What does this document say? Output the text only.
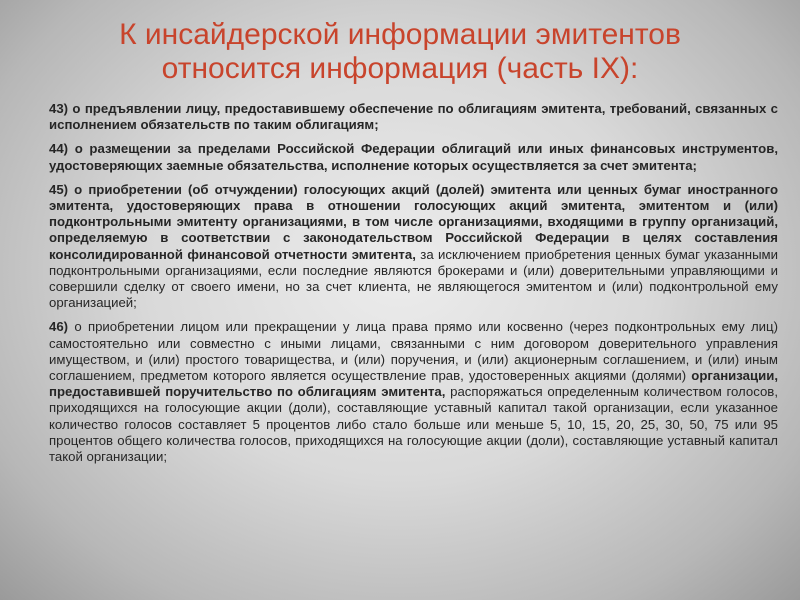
К инсайдерской информации эмитентов
относится информация (часть IX):

43) о предъявлении лицу, предоставившему обеспечение по облигациям эмитента, требований, связанных с исполнением обязательств по таким облигациям;

44) о размещении за пределами Российской Федерации облигаций или иных финансовых инструментов, удостоверяющих заемные обязательства, исполнение которых осуществляется за счет эмитента;

45) о приобретении (об отчуждении) голосующих акций (долей) эмитента или ценных бумаг иностранного эмитента, удостоверяющих права в отношении голосующих акций эмитента, эмитентом и (или) подконтрольными эмитенту организациями, в том числе организациями, входящими в группу организаций, определяемую в соответствии с законодательством Российской Федерации в целях составления консолидированной финансовой отчетности эмитента, за исключением приобретения ценных бумаг указанными подконтрольными организациями, если последние являются брокерами и (или) доверительными управляющими и совершили сделку от своего имени, но за счет клиента, не являющегося эмитентом и (или) подконтрольной ему организацией;

46) о приобретении лицом или прекращении у лица права прямо или косвенно (через подконтрольных ему лиц) самостоятельно или совместно с иными лицами, связанными с ним договором доверительного управления имуществом, и (или) простого товарищества, и (или) поручения, и (или) акционерным соглашением, и (или) иным соглашением, предметом которого является осуществление прав, удостоверенных акциями (долями) организации, предоставившей поручительство по облигациям эмитента, распоряжаться определенным количеством голосов, приходящихся на голосующие акции (доли), составляющие уставный капитал такой организации, если указанное количество голосов составляет 5 процентов либо стало больше или меньше 5, 10, 15, 20, 25, 30, 50, 75 или 95 процентов общего количества голосов, приходящихся на голосующие акции (доли), составляющие уставный капитал такой организации;
